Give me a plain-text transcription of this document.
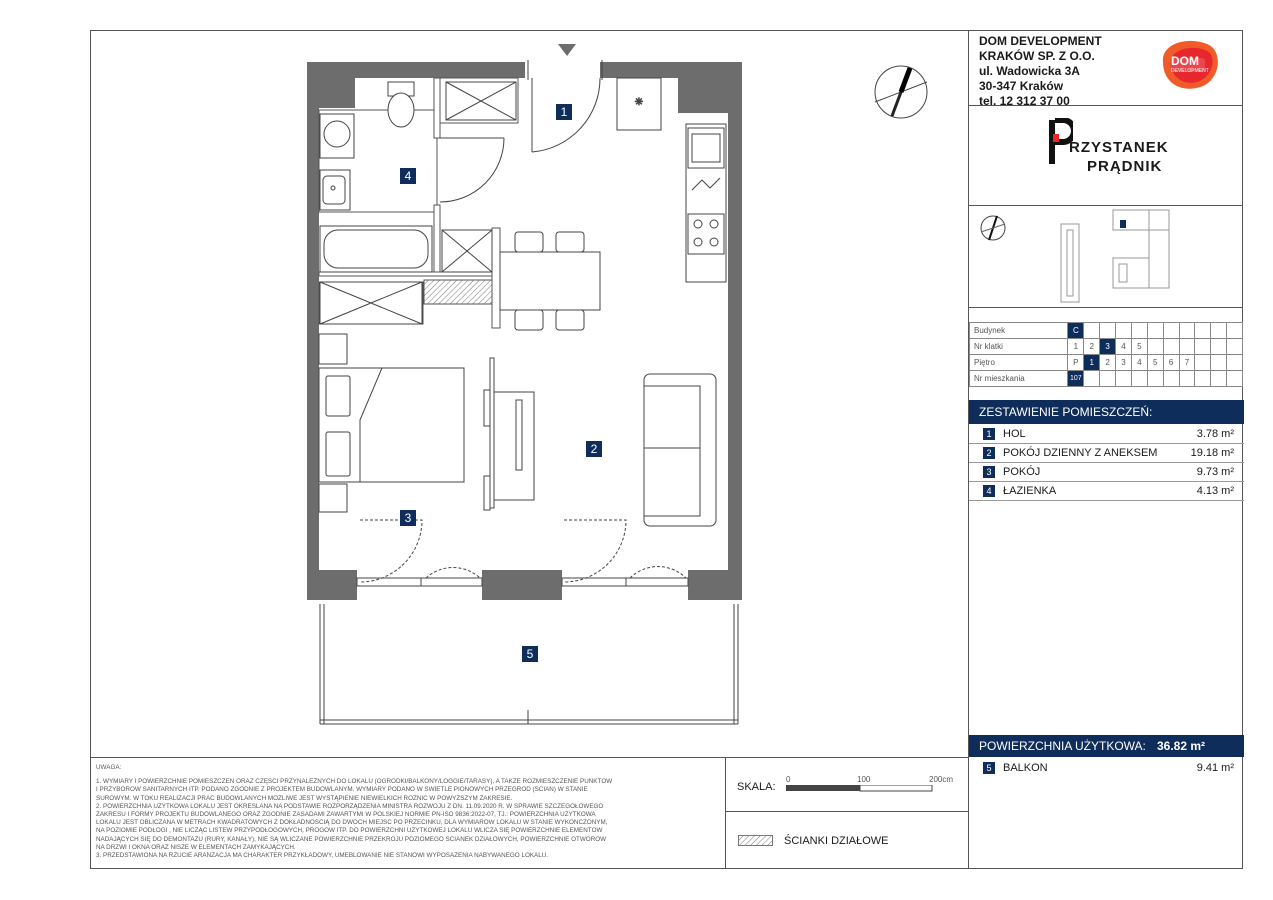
✳
1
2
3
4
5
DOM DEVELOPMENT
KRAKÓW SP. Z O.O.
ul. Wadowicka 3A
30-347 Kraków
tel. 12 312 37 00
DOM
DEVELOPMENT
RZYSTANEK
PRĄDNIK
Budynek	C										
Nr klatki	1	2	3	4	5						
Piętro	P	1	2	3	4	5	6	7			
Nr mieszkania	107										
ZESTAWIENIE POMIESZCZEŃ:
1	HOL	3.78 m²
2	POKÓJ DZIENNY Z ANEKSEM	19.18 m²
3	POKÓJ	9.73 m²
4	ŁAZIENKA	4.13 m²
POWIERZCHNIA UŻYTKOWA: 36.82 m²
5	BALKON	9.41 m²
UWAGA:
1. WYMIARY I POWIERZCHNIE POMIESZCZEŃ ORAZ CZĘŚCI PRZYNALEŻNYCH DO LOKALU (OGRÓDKI/BALKONY/LOGGIE/TARASY), A TAKŻE ROZMIESZCZENIE PUNKTÓW
I PRZYBORÓW SANITARNYCH ITP. PODANO ZGODNIE Z PROJEKTEM BUDOWLANYM. WYMIARY PODANO W ŚWIETLE PIONOWYCH PRZEGRÓD (ŚCIAN) W STANIE
SUROWYM. W TOKU REALIZACJI PRAC BUDOWLANYCH MOŻLIWE JEST WYSTĄPIENIE NIEWIELKICH RÓŻNIC W POWYŻSZYM ZAKRESIE.
2. POWIERZCHNIA UŻYTKOWA LOKALU JEST OKREŚLANA NA PODSTAWIE ROZPORZĄDZENIA MINISTRA ROZWOJU Z DN. 11.09.2020 R. W SPRAWIE SZCZEGÓŁOWEGO
ZAKRESU I FORMY PROJEKTU BUDOWLANEGO ORAZ ZGODNIE ZASADAMI ZAWARTYMI W POLSKIEJ NORMIE PN-ISO 9836:2022-07, TJ.: POWIERZCHNIA UŻYTKOWA
LOKALU JEST OBLICZANA W METRACH KWADRATOWYCH Z DOKŁADNOŚCIĄ DO DWÓCH MIEJSC PO PRZECINKU, DLA WYMIARÓW LOKALU W STANIE WYKOŃCZONYM,
NA POZIOMIE PODŁOGI , NIE LICZĄC LISTEW PRZYPODŁOGOWYCH, PROGÓW ITP. DO POWIERZCHNI UŻYTKOWEJ LOKALU WLICZA SIĘ POWIERZCHNIE ELEMENTÓW
NADAJĄCYCH SIĘ DO DEMONTAŻU (RURY, KANAŁY), NIE SĄ WLICZANE POWIERZCHNIE PRZEKROJU POZIOMEGO ŚCIANEK DZIAŁOWYCH, POWIERZCHNIE OTWORÓW
NA DRZWI I OKNA ORAZ NISZE W ELEMENTACH ZAMYKAJĄCYCH.
3. PRZEDSTAWIONA NA RZUCIE ARANŻACJA MA CHARAKTER PRZYKŁADOWY, UMEBLOWANIE NIE STANOWI WYPOSAŻENIA NABYWANEGO LOKALU.
SKALA:
0	100	200cm
ŚCIANKI DZIAŁOWE
